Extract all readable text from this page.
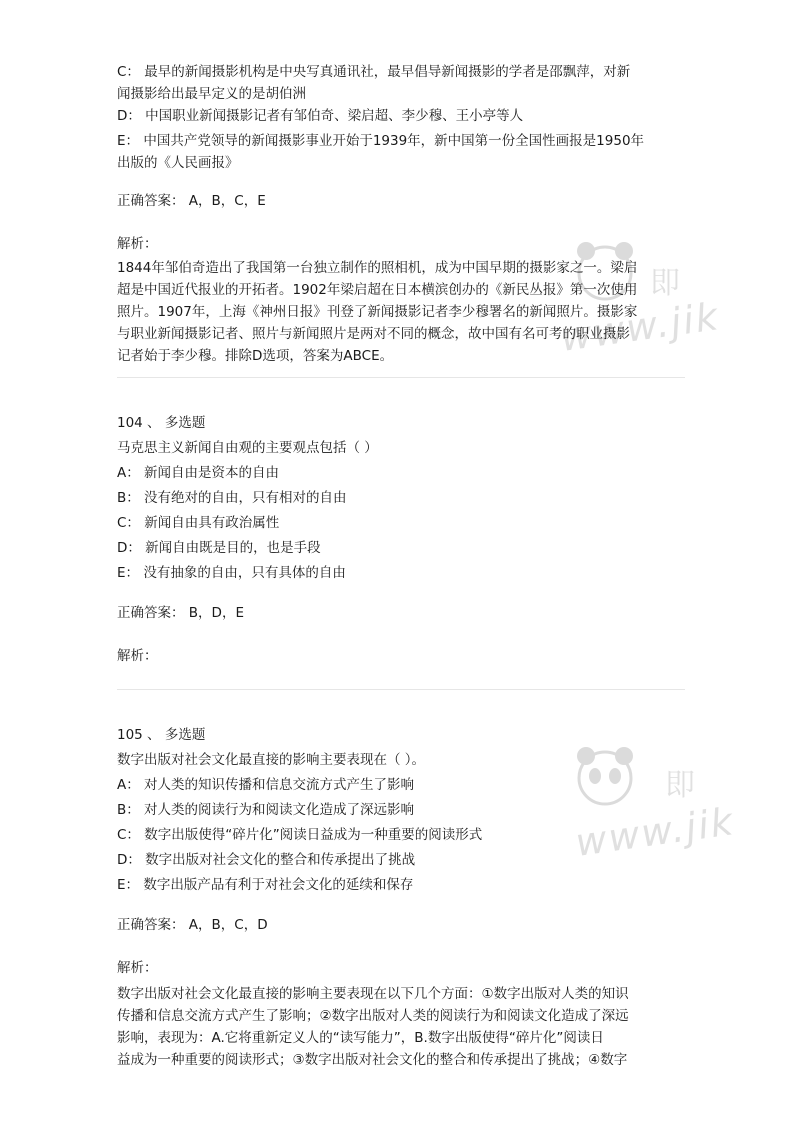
www.jik
即
www.jik
即
C： 最早的新闻摄影机构是中央写真通讯社，最早倡导新闻摄影的学者是邵飘萍，对新
闻摄影给出最早定义的是胡伯洲
D： 中国职业新闻摄影记者有邹伯奇、梁启超、李少穆、王小亭等人
E： 中国共产党领导的新闻摄影事业开始于1939年，新中国第一份全国性画报是1950年
出版的《人民画报》
正确答案： A，B，C，E
解析：
1844年邹伯奇造出了我国第一台独立制作的照相机，成为中国早期的摄影家之一。梁启
超是中国近代报业的开拓者。1902年梁启超在日本横滨创办的《新民丛报》第一次使用
照片。1907年，上海《神州日报》刊登了新闻摄影记者李少穆署名的新闻照片。摄影家
与职业新闻摄影记者、照片与新闻照片是两对不同的概念，故中国有名可考的职业摄影
记者始于李少穆。排除D选项，答案为ABCE。
104 、 多选题
马克思主义新闻自由观的主要观点包括（ ）
A： 新闻自由是资本的自由
B： 没有绝对的自由，只有相对的自由
C： 新闻自由具有政治属性
D： 新闻自由既是目的，也是手段
E： 没有抽象的自由，只有具体的自由
正确答案： B，D，E
解析：
105 、 多选题
数字出版对社会文化最直接的影响主要表现在（ ）。
A： 对人类的知识传播和信息交流方式产生了影响
B： 对人类的阅读行为和阅读文化造成了深远影响
C： 数字出版使得“碎片化”阅读日益成为一种重要的阅读形式
D： 数字出版对社会文化的整合和传承提出了挑战
E： 数字出版产品有利于对社会文化的延续和保存
正确答案： A，B，C，D
解析：
数字出版对社会文化最直接的影响主要表现在以下几个方面：①数字出版对人类的知识
传播和信息交流方式产生了影响；②数字出版对人类的阅读行为和阅读文化造成了深远
影响，表现为：A.它将重新定义人的“读写能力”，B.数字出版使得“碎片化”阅读日
益成为一种重要的阅读形式；③数字出版对社会文化的整合和传承提出了挑战；④数字
